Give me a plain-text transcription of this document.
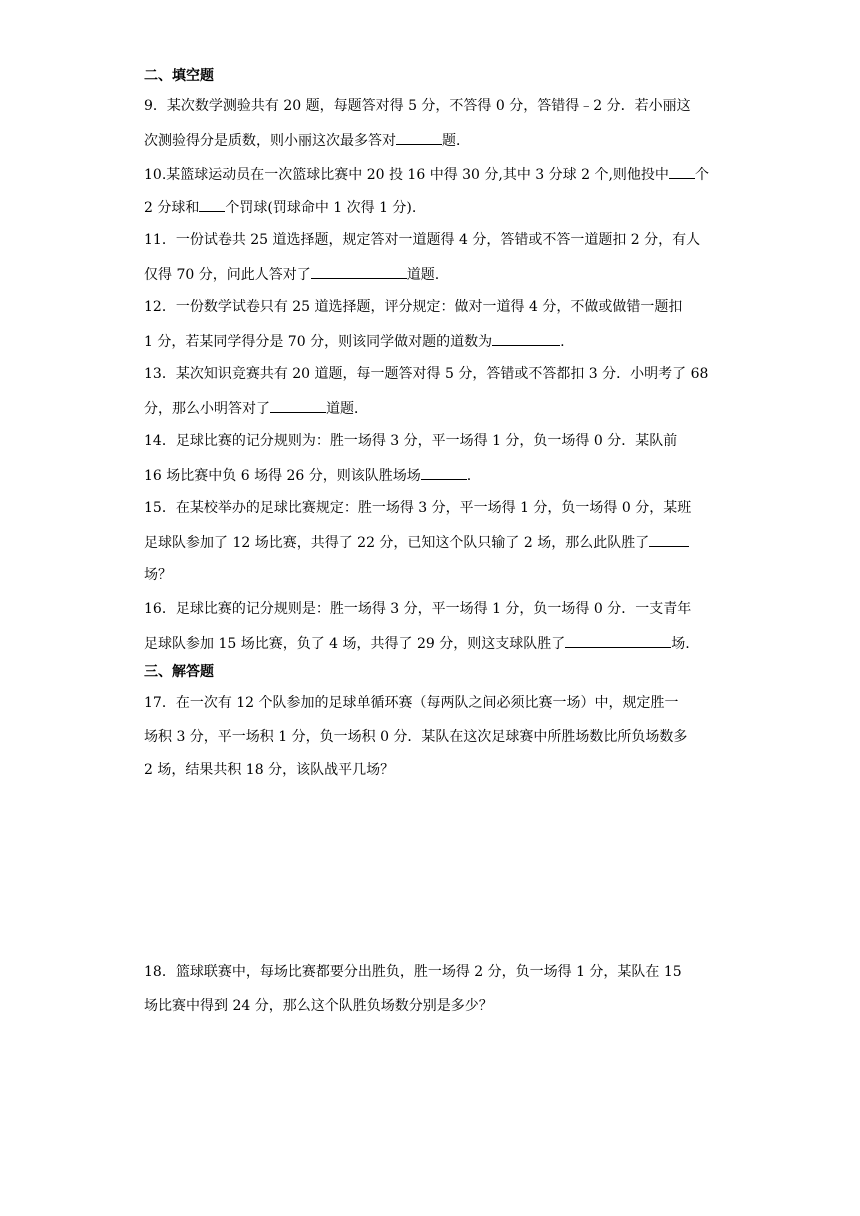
二、填空题
9．某次数学测验共有 20 题，每题答对得 5 分，不答得 0 分，答错得﹣2 分．若小丽这
次测验得分是质数，则小丽这次最多答对	题．
10.某篮球运动员在一次篮球比赛中 20 投 16 中得 30 分,其中 3 分球 2 个,则他投中 个
2 分球和 个罚球(罚球命中 1 次得 1 分).
11．一份试卷共 25 道选择题，规定答对一道题得 4 分，答错或不答一道题扣 2 分，有人
仅得 70 分，问此人答对了	道题.
12．一份数学试卷只有 25 道选择题，评分规定：做对一道得 4 分，不做或做错一题扣
1 分，若某同学得分是 70 分，则该同学做对题的道数为	.
13．某次知识竞赛共有 20 道题，每一题答对得 5 分，答错或不答都扣 3 分．小明考了 68
分，那么小明答对了	道题．
14．足球比赛的记分规则为：胜一场得 3 分，平一场得 1 分，负一场得 0 分．某队前
16 场比赛中负 6 场得 26 分，则该队胜场场	.
15．在某校举办的足球比赛规定：胜一场得 3 分，平一场得 1 分，负一场得 0 分，某班
足球队参加了 12 场比赛，共得了 22 分，已知这个队只输了 2 场，那么此队胜了
场？
16．足球比赛的记分规则是：胜一场得 3 分，平一场得 1 分，负一场得 0 分．一支青年
足球队参加 15 场比赛，负了 4 场，共得了 29 分，则这支球队胜了	场.
三、解答题
17．在一次有 12 个队参加的足球单循环赛（每两队之间必须比赛一场）中，规定胜一
场积 3 分，平一场积 1 分，负一场积 0 分．某队在这次足球赛中所胜场数比所负场数多
2 场，结果共积 18 分，该队战平几场？
18．篮球联赛中，每场比赛都要分出胜负，胜一场得 2 分，负一场得 1 分，某队在 15
场比赛中得到 24 分，那么这个队胜负场数分别是多少？
